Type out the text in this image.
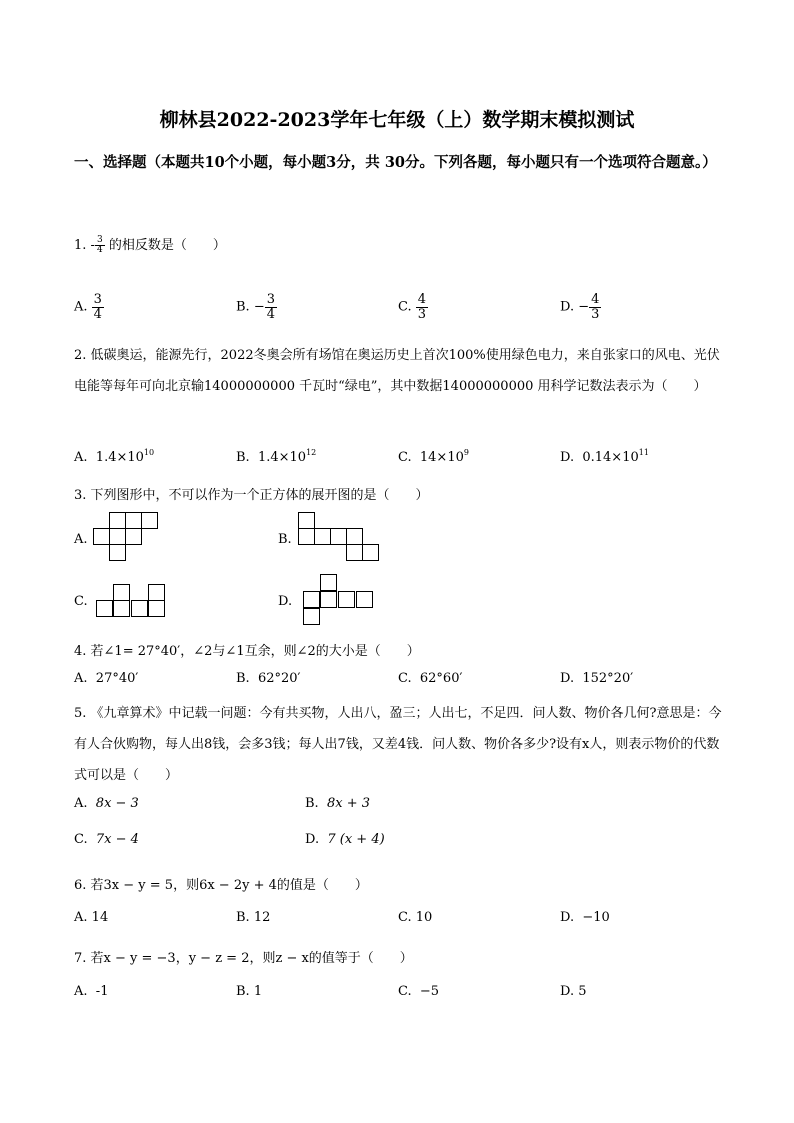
柳林县2022-2023学年七年级（上）数学期末模拟测试
一、选择题（本题共10个小题，每小题3分，共 30分。下列各题，每小题只有一个选项符合题意。）
1. - $\frac{3}{4}$ 的相反数是（　　）
A. $\frac{3}{4}$	B. − $\frac{3}{4}$	C. $\frac{4}{3}$	D. − $\frac{4}{3}$
2. 低碳奥运，能源先行，2022冬奥会所有场馆在奥运历史上首次100%使用绿色电力，来自张家口的风电、光伏电能等每年可向北京输14000000000 千瓦时“绿电”，其中数据14000000000 用科学记数法表示为（　　）
A. $1.4\times 10^{10}$	B. $1.4\times 10^{12}$	C. $14\times 10^9$	D. $0.14\times 10^{11}$
3. 下列图形中，不可以作为一个正方体的展开图的是（　　）
A.	B.
C.	D.
4. 若∠1= 27°40′，∠2与∠1互余，则∠2的大小是（　　）
A. 27°40′	B. 62°20′	C. 62°60′	D. 152°20′
5. 《九章算术》中记载一问题：今有共买物，人出八，盈三；人出七，不足四．问人数、物价各几何?意思是：今有人合伙购物，每人出8钱，会多3钱；每人出7钱，又差4钱．问人数、物价各多少?设有x人，则表示物价的代数式可以是（　　）
A. 8x − 3	B. 8x + 3
C. 7x − 4	D. 7 (x + 4)
6. 若3x − y = 5，则6x − 2y + 4的值是（　　）
A. 14	B. 12	C. 10	D. −10
7. 若x − y = −3，y − z = 2，则z − x的值等于（　　）
A. -1	B. 1	C. −5	D. 5
